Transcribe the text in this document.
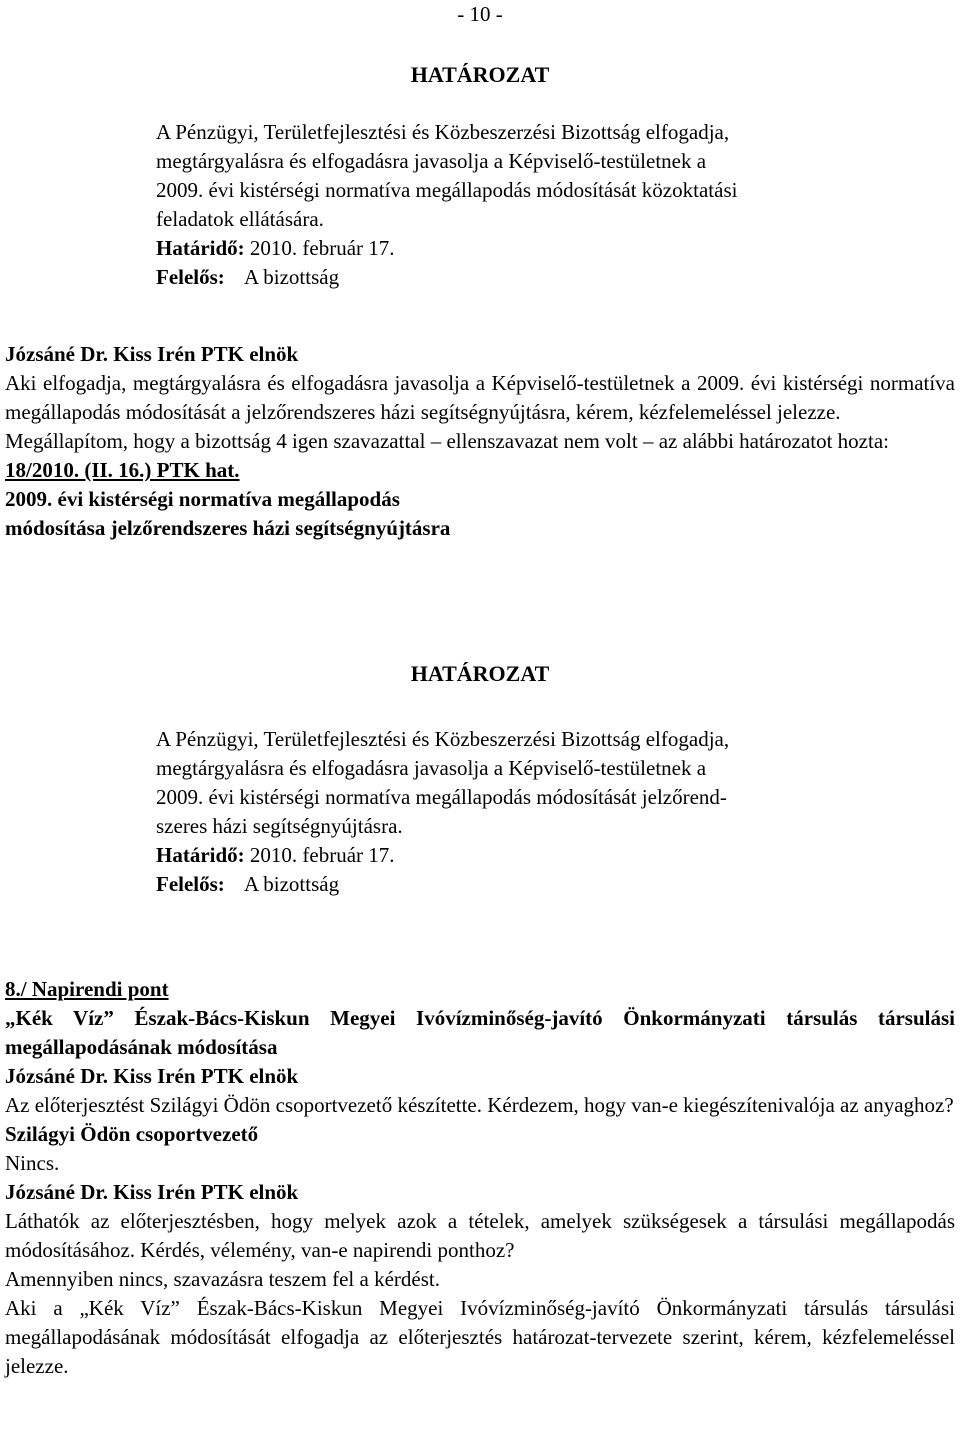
- 10 -
HATÁROZAT

A Pénzügyi, Területfejlesztési és Közbeszerzési Bizottság elfogadja,

megtárgyalásra és elfogadásra javasolja a Képviselő-testületnek a

2009. évi kistérségi normatíva megállapodás módosítását közoktatási

feladatok ellátására.

Határidő: 2010. február 17.

Felelős: A bizottság

Józsáné Dr. Kiss Irén PTK elnök

Aki elfogadja, megtárgyalásra és elfogadásra javasolja a Képviselő-testületnek a 2009. évi kistérségi normatíva megállapodás módosítását a jelzőrendszeres házi segítségnyújtásra, kérem, kézfelemeléssel jelezze.

Megállapítom, hogy a bizottság 4 igen szavazattal – ellenszavazat nem volt – az alábbi határozatot hozta:

18/2010. (II. 16.) PTK hat.

2009. évi kistérségi normatíva megállapodás

módosítása jelzőrendszeres házi segítségnyújtásra

HATÁROZAT

A Pénzügyi, Területfejlesztési és Közbeszerzési Bizottság elfogadja,

megtárgyalásra és elfogadásra javasolja a Képviselő-testületnek a

2009. évi kistérségi normatíva megállapodás módosítását jelzőrend-

szeres házi segítségnyújtásra.

Határidő: 2010. február 17.

Felelős: A bizottság

8./ Napirendi pont

„Kék Víz” Észak-Bács-Kiskun Megyei Ivóvízminőség-javító Önkormányzati társulás társulási megállapodásának módosítása

Józsáné Dr. Kiss Irén PTK elnök

Az előterjesztést Szilágyi Ödön csoportvezető készítette. Kérdezem, hogy van-e kiegészítenivalója az anyaghoz?

Szilágyi Ödön csoportvezető

Nincs.

Józsáné Dr. Kiss Irén PTK elnök

Láthatók az előterjesztésben, hogy melyek azok a tételek, amelyek szükségesek a társulási megállapodás módosításához. Kérdés, vélemény, van-e napirendi ponthoz?

Amennyiben nincs, szavazásra teszem fel a kérdést.

Aki a „Kék Víz” Észak-Bács-Kiskun Megyei Ivóvízminőség-javító Önkormányzati társulás társulási megállapodásának módosítását elfogadja az előterjesztés határozat-tervezete szerint, kérem, kézfelemeléssel jelezze.
